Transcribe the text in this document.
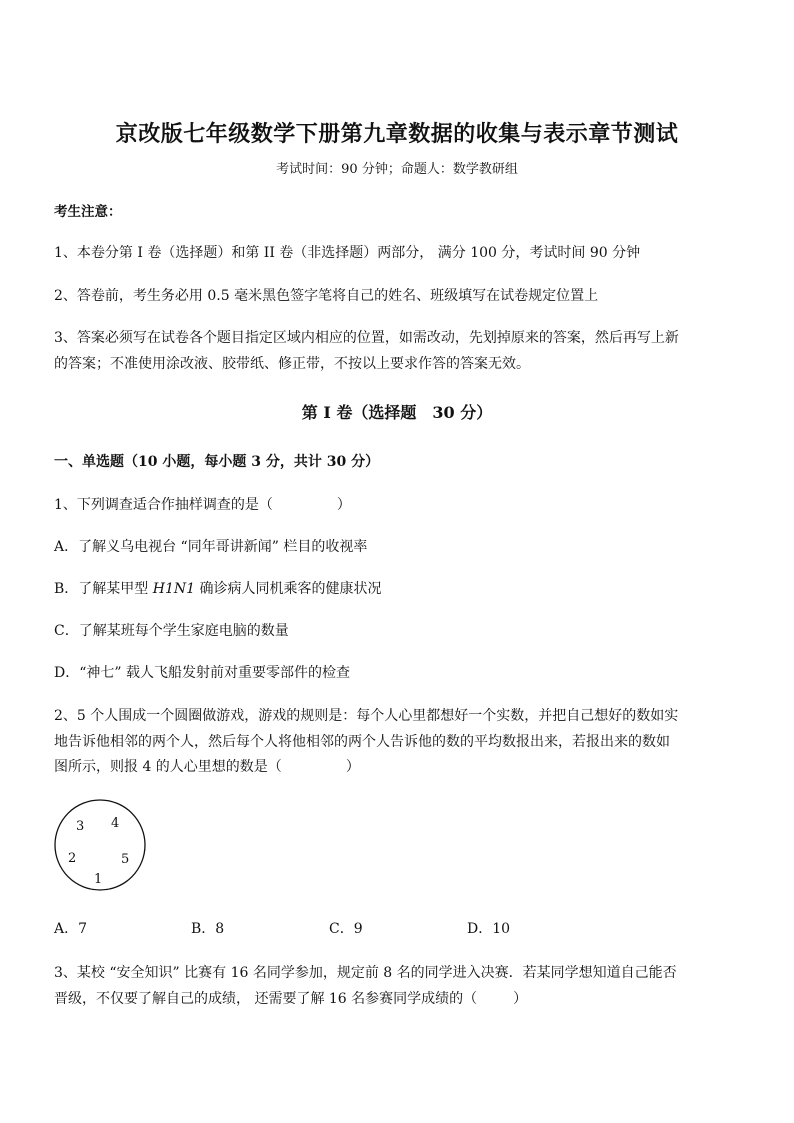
京改版七年级数学下册第九章数据的收集与表示章节测试
考试时间：90 分钟；命题人：数学教研组
考生注意：
1、本卷分第 I 卷（选择题）和第 II 卷（非选择题）两部分， 满分 100 分，考试时间 90 分钟
2、答卷前，考生务必用 0.5 毫米黑色签字笔将自己的姓名、班级填写在试卷规定位置上
3、答案必须写在试卷各个题目指定区域内相应的位置，如需改动，先划掉原来的答案，然后再写上新
的答案；不准使用涂改液、胶带纸、修正带，不按以上要求作答的答案无效。
第 I 卷（选择题　30 分）
一、单选题（10 小题，每小题 3 分，共计 30 分）
1、下列调查适合作抽样调查的是（	）
A．了解义乌电视台 “同年哥讲新闻” 栏目的收视率
B．了解某甲型 H1N1 确诊病人同机乘客的健康状况
C．了解某班每个学生家庭电脑的数量
D．“神七” 载人飞船发射前对重要零部件的检查
2、5 个人围成一个圆圈做游戏，游戏的规则是：每个人心里都想好一个实数，并把自己想好的数如实
地告诉他相邻的两个人，然后每个人将他相邻的两个人告诉他的数的平均数报出来，若报出来的数如
图所示，则报 4 的人心里想的数是（	）
3 4
2	5
1
A．7	B．8	C．9	D．10
3、某校 “安全知识” 比赛有 16 名同学参加，规定前 8 名的同学进入决赛．若某同学想知道自己能否
晋级，不仅要了解自己的成绩， 还需要了解 16 名参赛同学成绩的（	）
